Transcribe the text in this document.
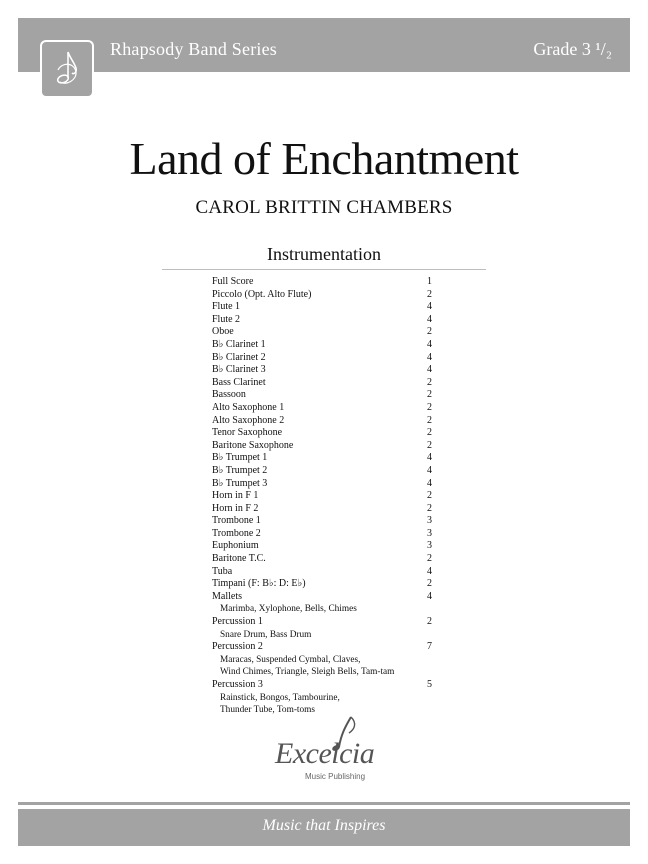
Rhapsody Band Series	Grade 3 ¹/₂
Land of Enchantment
CAROL BRITTIN CHAMBERS
Instrumentation
Full Score	1
Piccolo (Opt. Alto Flute)	2
Flute 1	4
Flute 2	4
Oboe	2
B♭ Clarinet 1	4
B♭ Clarinet 2	4
B♭ Clarinet 3	4
Bass Clarinet	2
Bassoon	2
Alto Saxophone 1	2
Alto Saxophone 2	2
Tenor Saxophone	2
Baritone Saxophone	2
B♭ Trumpet 1	4
B♭ Trumpet 2	4
B♭ Trumpet 3	4
Horn in F 1	2
Horn in F 2	2
Trombone 1	3
Trombone 2	3
Euphonium	3
Baritone T.C.	2
Tuba	4
Timpani (F: B♭: D: E♭)	2
Mallets	4
Marimba, Xylophone, Bells, Chimes
Percussion 1	2
Snare Drum, Bass Drum
Percussion 2	7
Maracas, Suspended Cymbal, Claves,
Wind Chimes, Triangle, Sleigh Bells, Tam-tam
Percussion 3	5
Rainstick, Bongos, Tambourine,
Thunder Tube, Tom-toms
Excelcia
Music Publishing
Music that Inspires
